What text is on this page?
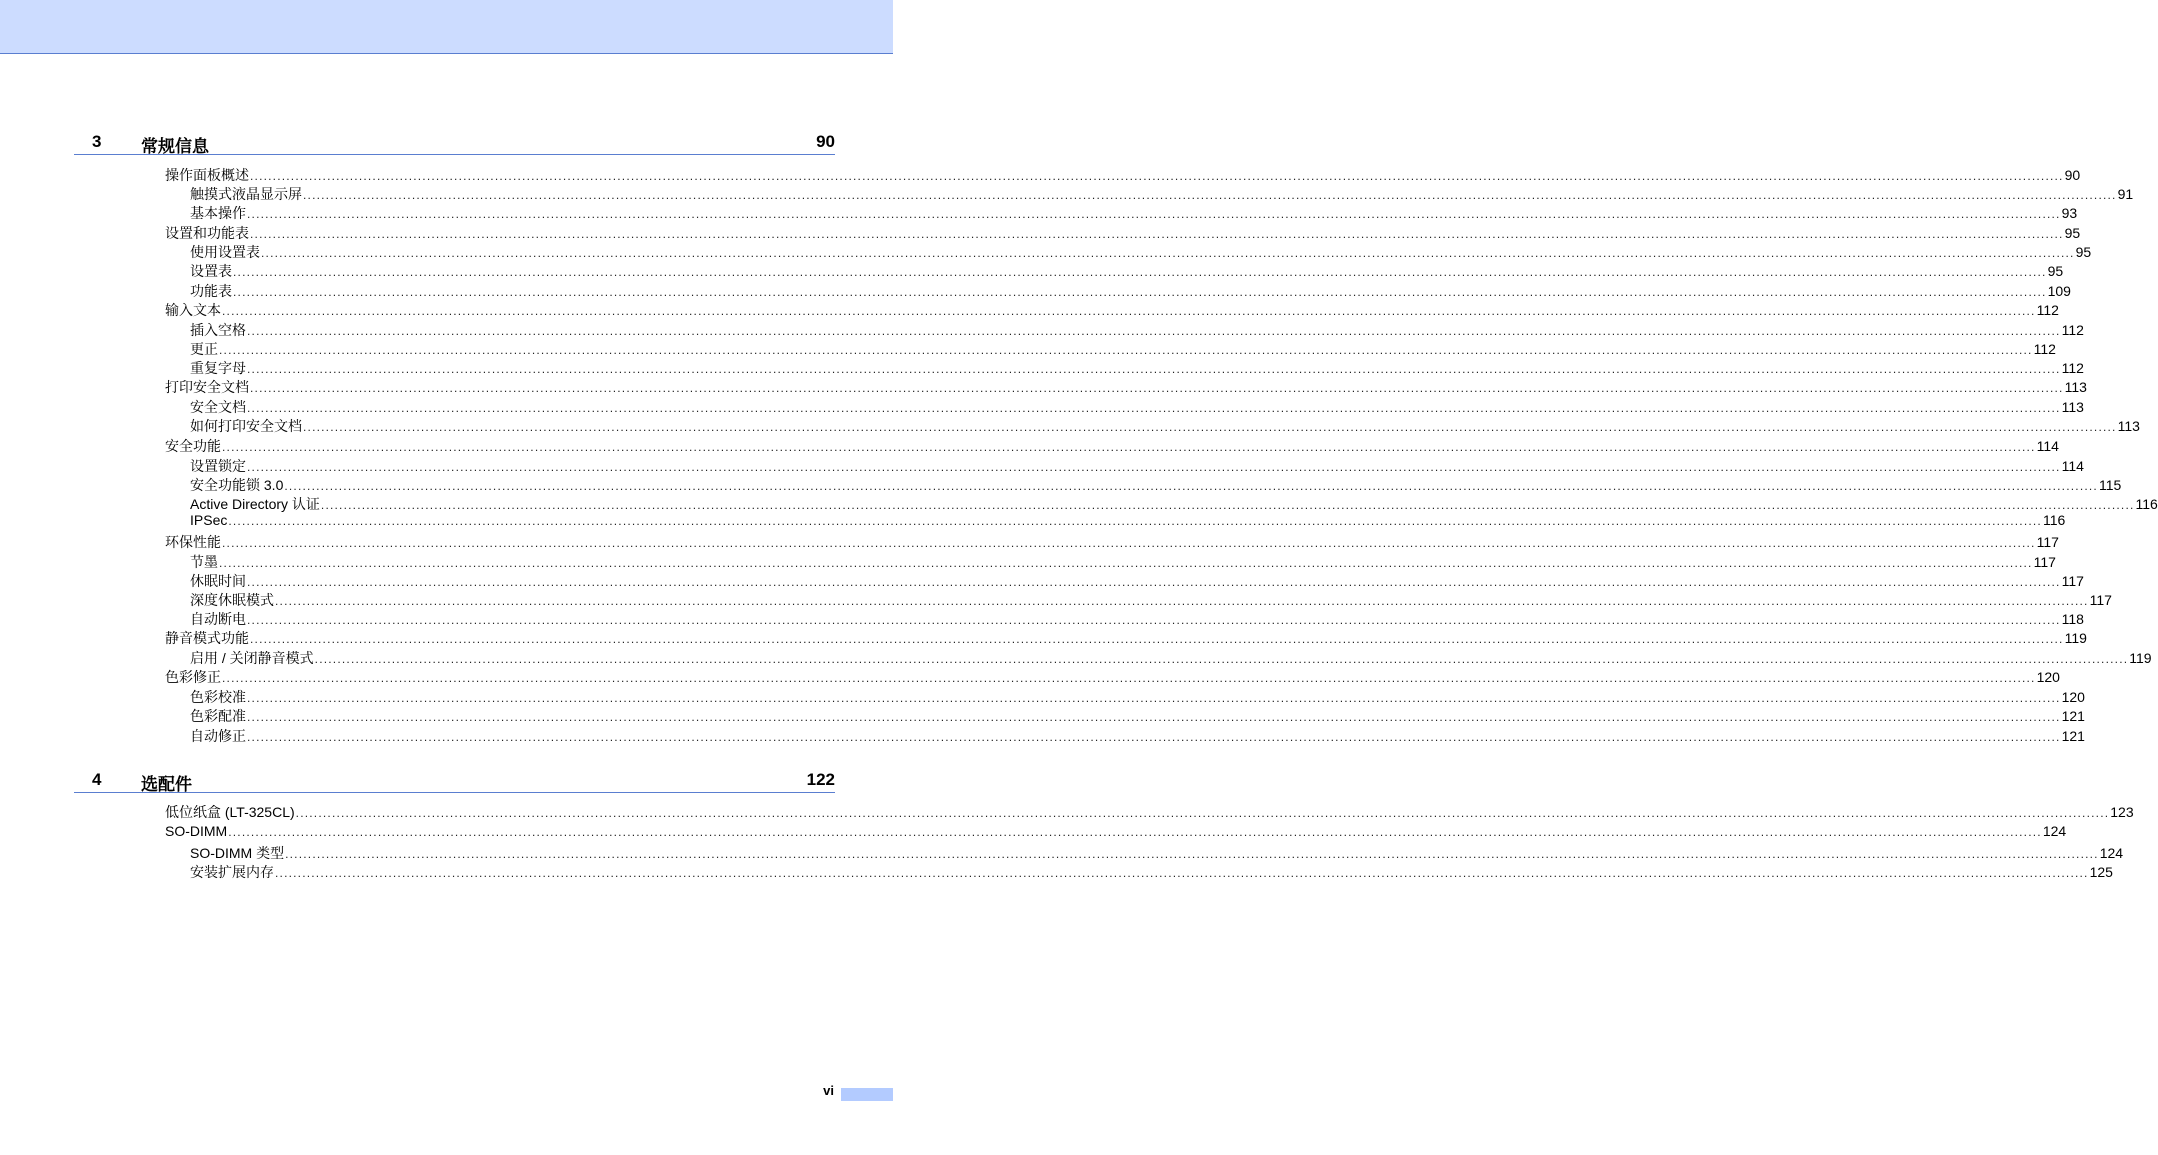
3 常规信息	90
操作面板概述 ................................................................................................................................................................................................................................................................................................................................................................................................................ 90
触摸式液晶显示屏 ................................................................................................................................................................................................................................................................................................................................................................................................................ 91
基本操作 ................................................................................................................................................................................................................................................................................................................................................................................................................ 93
设置和功能表 ................................................................................................................................................................................................................................................................................................................................................................................................................ 95
使用设置表 ................................................................................................................................................................................................................................................................................................................................................................................................................ 95
设置表 ................................................................................................................................................................................................................................................................................................................................................................................................................ 95
功能表 ................................................................................................................................................................................................................................................................................................................................................................................................................ 109
输入文本 ................................................................................................................................................................................................................................................................................................................................................................................................................ 112
插入空格 ................................................................................................................................................................................................................................................................................................................................................................................................................ 112
更正 ................................................................................................................................................................................................................................................................................................................................................................................................................ 112
重复字母 ................................................................................................................................................................................................................................................................................................................................................................................................................ 112
打印安全文档 ................................................................................................................................................................................................................................................................................................................................................................................................................ 113
安全文档 ................................................................................................................................................................................................................................................................................................................................................................................................................ 113
如何打印安全文档 ................................................................................................................................................................................................................................................................................................................................................................................................................ 113
安全功能 ................................................................................................................................................................................................................................................................................................................................................................................................................ 114
设置锁定 ................................................................................................................................................................................................................................................................................................................................................................................................................ 114
安全功能锁 3.0 ................................................................................................................................................................................................................................................................................................................................................................................................................ 115
Active Directory 认证 ................................................................................................................................................................................................................................................................................................................................................................................................................ 116
IPSec ................................................................................................................................................................................................................................................................................................................................................................................................................ 116
环保性能 ................................................................................................................................................................................................................................................................................................................................................................................................................ 117
节墨 ................................................................................................................................................................................................................................................................................................................................................................................................................ 117
休眠时间 ................................................................................................................................................................................................................................................................................................................................................................................................................ 117
深度休眠模式 ................................................................................................................................................................................................................................................................................................................................................................................................................ 117
自动断电 ................................................................................................................................................................................................................................................................................................................................................................................................................ 118
静音模式功能 ................................................................................................................................................................................................................................................................................................................................................................................................................ 119
启用 / 关闭静音模式 ................................................................................................................................................................................................................................................................................................................................................................................................................ 119
色彩修正 ................................................................................................................................................................................................................................................................................................................................................................................................................ 120
色彩校准 ................................................................................................................................................................................................................................................................................................................................................................................................................ 120
色彩配准 ................................................................................................................................................................................................................................................................................................................................................................................................................ 121
自动修正 ................................................................................................................................................................................................................................................................................................................................................................................................................ 121
4 选配件	122
低位纸盒 (LT-325CL) ................................................................................................................................................................................................................................................................................................................................................................................................................ 123
SO-DIMM ................................................................................................................................................................................................................................................................................................................................................................................................................ 124
SO-DIMM 类型 ................................................................................................................................................................................................................................................................................................................................................................................................................ 124
安装扩展内存 ................................................................................................................................................................................................................................................................................................................................................................................................................ 125
vi
